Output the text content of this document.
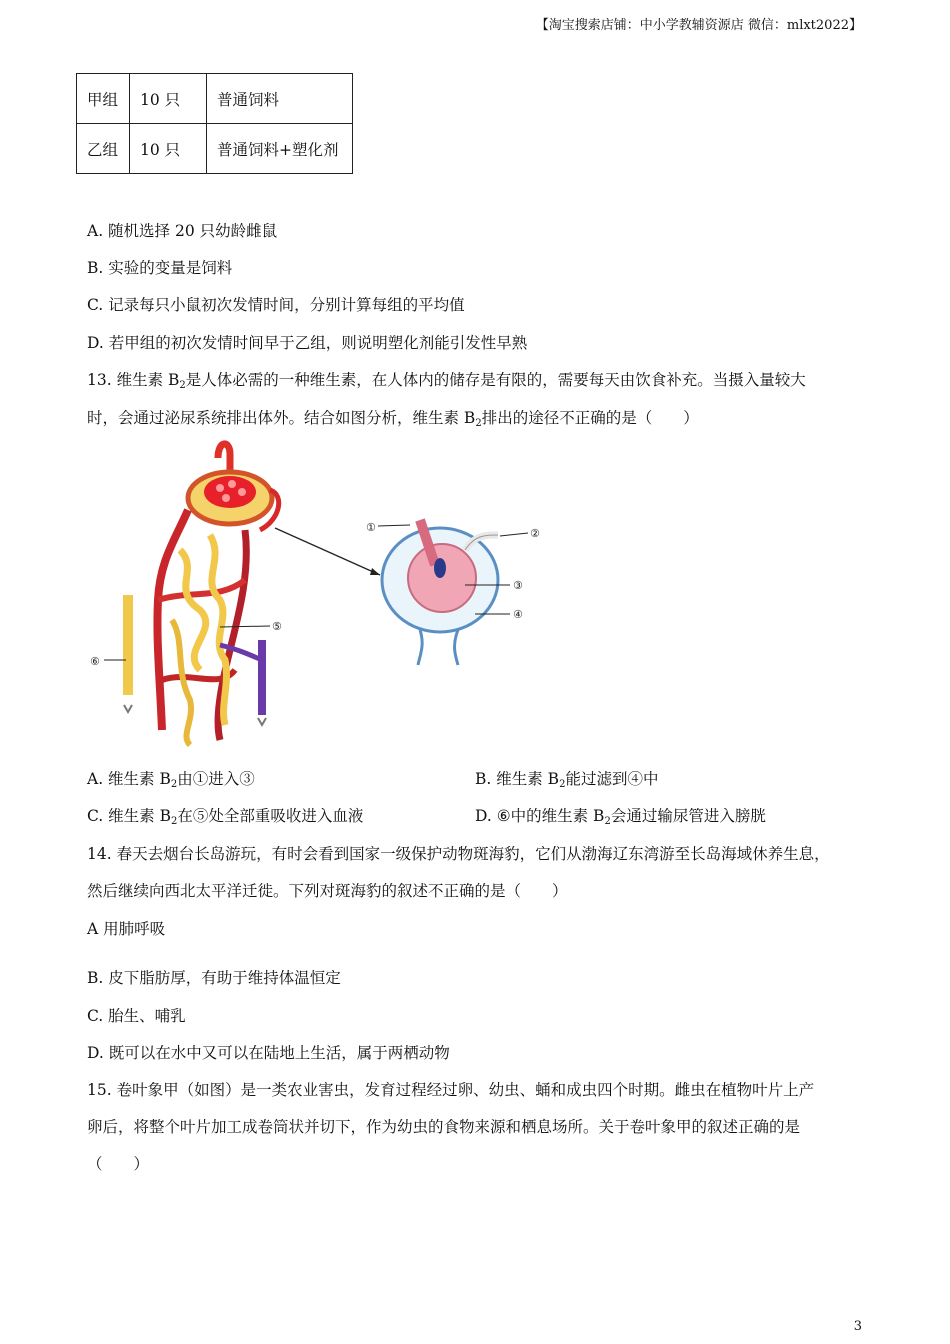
【淘宝搜索店铺：中小学教辅资源店 微信：mlxt2022】
甲组	10 只	普通饲料
乙组	10 只	普通饲料+塑化剂
A. 随机选择 20 只幼龄雌鼠
B. 实验的变量是饲料
C. 记录每只小鼠初次发情时间，分别计算每组的平均值
D. 若甲组的初次发情时间早于乙组，则说明塑化剂能引发性早熟
13. 维生素 $B_2$是人体必需的一种维生素，在人体内的储存是有限的，需要每天由饮食补充。当摄入量较大
时，会通过泌尿系统排出体外。结合如图分析，维生素 $B_2$排出的途径不正确的是（　　）
①	②
③
④
⑤
⑥
A. 维生素 $B_2$由①进入③	B. 维生素 $B_2$能过滤到④中
C. 维生素 $B_2$在⑤处全部重吸收进入血液	D. ⑥中的维生素 $B_2$会通过输尿管进入膀胱
14. 春天去烟台长岛游玩，有时会看到国家一级保护动物斑海豹，它们从渤海辽东湾游至长岛海域休养生息，
然后继续向西北太平洋迁徙。下列对斑海豹的叙述不正确的是（　　）
A 用肺呼吸
B. 皮下脂肪厚，有助于维持体温恒定
C. 胎生、哺乳
D. 既可以在水中又可以在陆地上生活，属于两栖动物
15. 卷叶象甲（如图）是一类农业害虫，发育过程经过卵、幼虫、蛹和成虫四个时期。雌虫在植物叶片上产
卵后，将整个叶片加工成卷筒状并切下，作为幼虫的食物来源和栖息场所。关于卷叶象甲的叙述正确的是
（　　）
3
